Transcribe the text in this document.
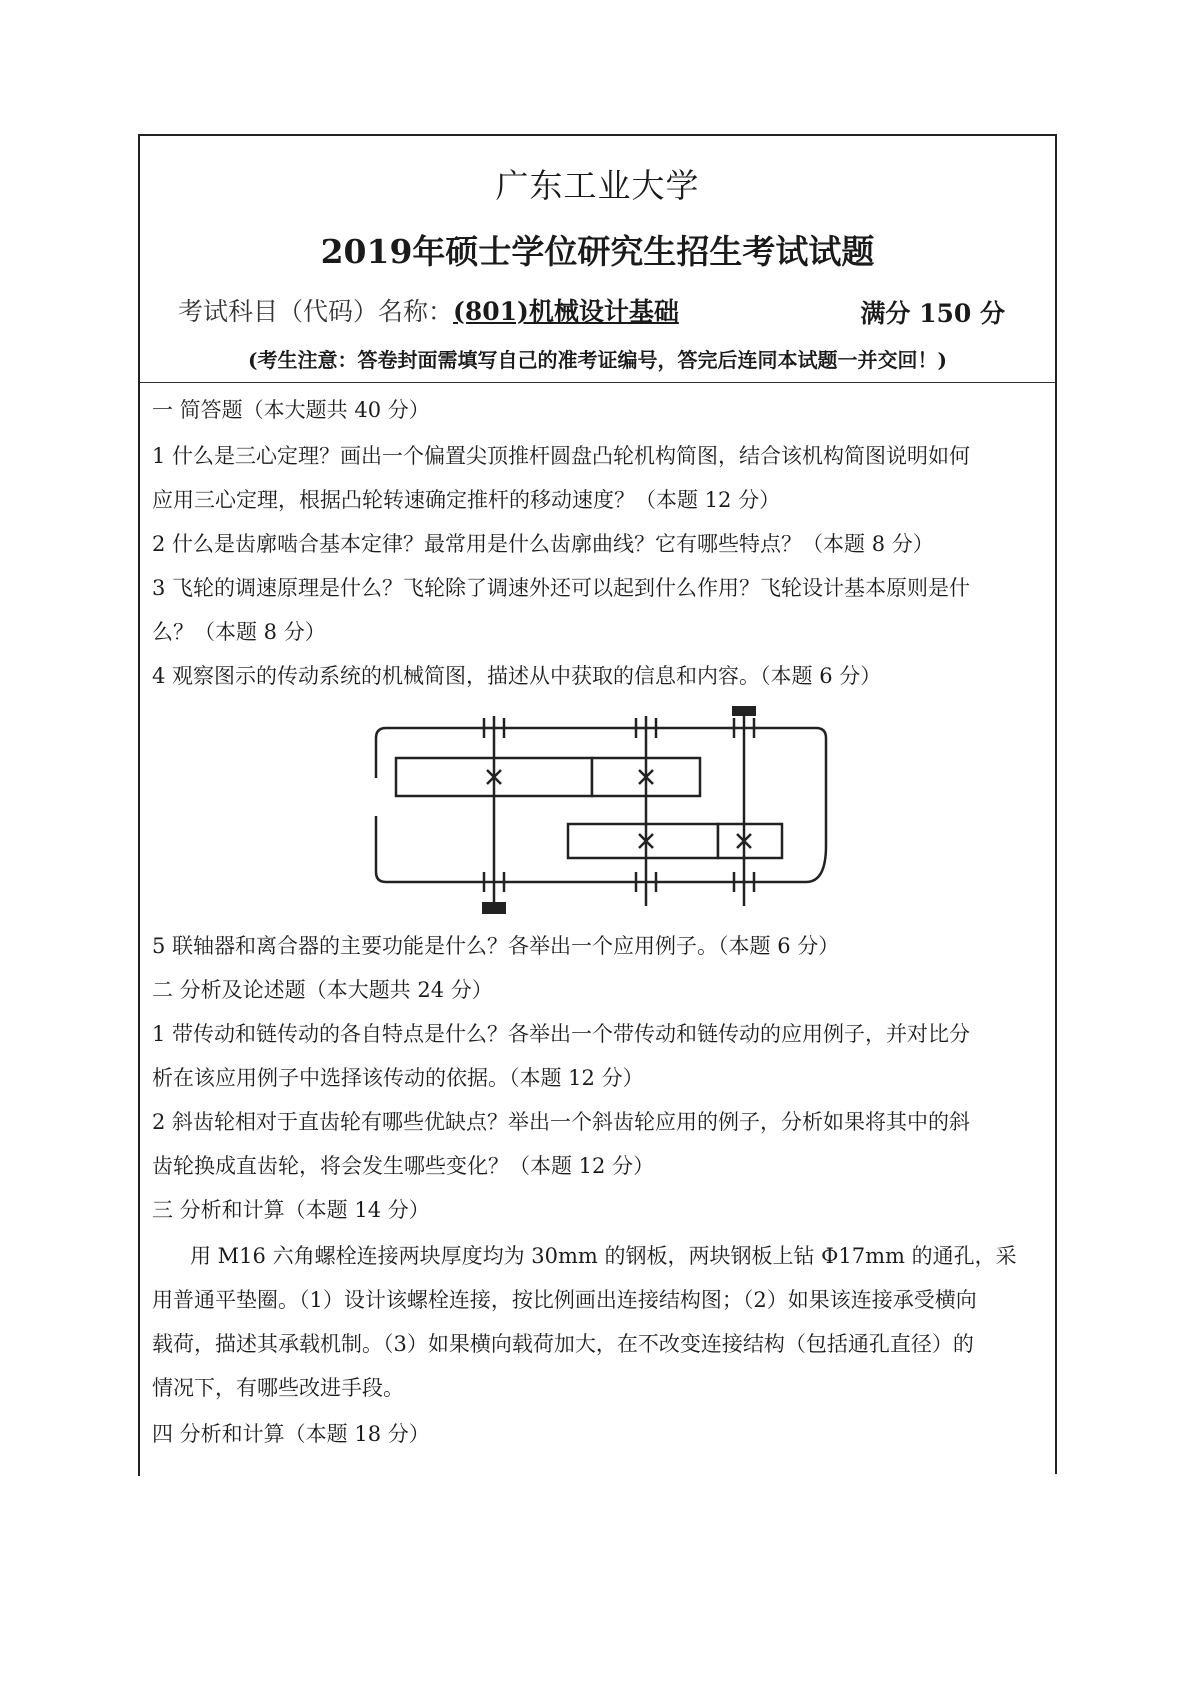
广东工业大学
2019年硕士学位研究生招生考试试题
考试科目（代码）名称：(801)机械设计基础	满分 150 分
(考生注意：答卷封面需填写自己的准考证编号，答完后连同本试题一并交回！)
一 简答题（本大题共 40 分）
1 什么是三心定理？画出一个偏置尖顶推杆圆盘凸轮机构简图，结合该机构简图说明如何
应用三心定理，根据凸轮转速确定推杆的移动速度？（本题 12 分）
2 什么是齿廓啮合基本定律？最常用是什么齿廓曲线？它有哪些特点？（本题 8 分）
3 飞轮的调速原理是什么？飞轮除了调速外还可以起到什么作用？飞轮设计基本原则是什
么？（本题 8 分）
4 观察图示的传动系统的机械简图，描述从中获取的信息和内容。（本题 6 分）
5 联轴器和离合器的主要功能是什么？各举出一个应用例子。（本题 6 分）
二 分析及论述题（本大题共 24 分）
1 带传动和链传动的各自特点是什么？各举出一个带传动和链传动的应用例子，并对比分
析在该应用例子中选择该传动的依据。（本题 12 分）
2 斜齿轮相对于直齿轮有哪些优缺点？举出一个斜齿轮应用的例子，分析如果将其中的斜
齿轮换成直齿轮，将会发生哪些变化？（本题 12 分）
三 分析和计算（本题 14 分）
用 M16 六角螺栓连接两块厚度均为 30mm 的钢板，两块钢板上钻 Φ17mm 的通孔，采
用普通平垫圈。（1）设计该螺栓连接，按比例画出连接结构图；（2）如果该连接承受横向
载荷，描述其承载机制。（3）如果横向载荷加大，在不改变连接结构（包括通孔直径）的
情况下，有哪些改进手段。
四 分析和计算（本题 18 分）
